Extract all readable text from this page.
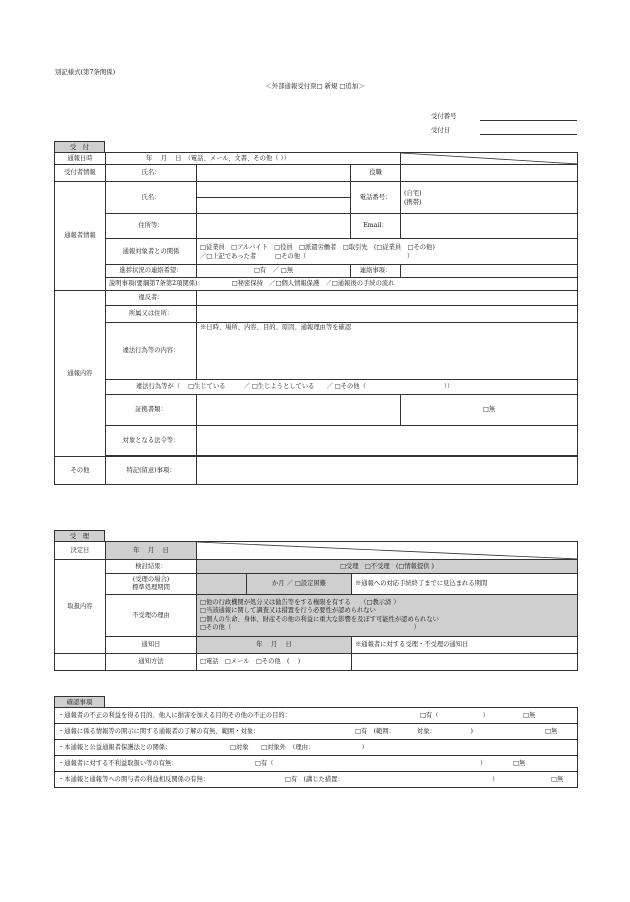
別記様式(第7条関係)
＜外部通報受付票□ 新規 □追加＞
受付番号
受付日
受　付
通報日時	年　 月　 日　（電話、メール、文書、その他（ ））	

受付者情報	氏名：		役職	
通報者情報	氏名：		電話番号：	(自宅)
(携帯)

	住所等：		Email：	
	通報対象者との関係	□従業員　□アルバイト　□役員　□派遣労働者　□取引先　(□従業員　□その他)
／□上記であった者　　　□その他（　　　　　　　　　　　　　　　　）		

	進捗状況の連絡希望：	□有　／ □無	連絡事項：	
	説明事項(要綱第7条第2項関係)： □秘密保持　／□個人情報保護　／□通報後の手続の流れ			
通報内容	違反者：			
	所属又は住所：			
	違法行為等の内容：	※日時、場所、内容、目的、原因、通報理由等を確認		
	違法行為等が（ □生じている ／ □生じようとしている ／ □その他（ ））			
	証拠書類：			□無
	対象となる法令等：			

その他	特記(留意)事項：			
受　理
決定日	年　 月　 日	

取扱内容	検討結果：	□受理　□不受理　(□情報提供 )		

	(受理の場合)
標準処理期間		か月 ／ □設定困難	※通報への対応手続終了までに見込まれる期間
	不受理の理由	□他の行政機関が処分又は勧告等をする権限を有する　　（□教示済 ）
□当該通報に関して調査又は措置を行う必要性が認められない
□個人の生命、身体、財産その他の利益に重大な影響を及ぼす可能性が認められない
□その他（　　　　　　　　　　　　　　　　　　　　　　　　　　　　　）		

	通知日	年　 月　 日		※通報者に対する受理・不受理の通知日
	通知方法	□電話　□メール　□その他　(　 )		
確認事項
・通報者の不正の利益を得る目的、他人に損害を加える目的その他の不正の目的：	□有（　　　　　　　）	□無

・通報に係る情報等の開示に関する通報者の了解の有無、範囲・対象：	□有　(範囲：　　　　対象：　　　　　　)	□無

・本通報と公益通報者保護法との関係：	□対象　　□対象外　（理由：　　　　　　　　）

・通報者に対する不利益取扱い等の有無：	□有（	）	□無

・本通報と通報等への関与者の利益相反関係の有無：	□有　(講じた措置：	）	□無
